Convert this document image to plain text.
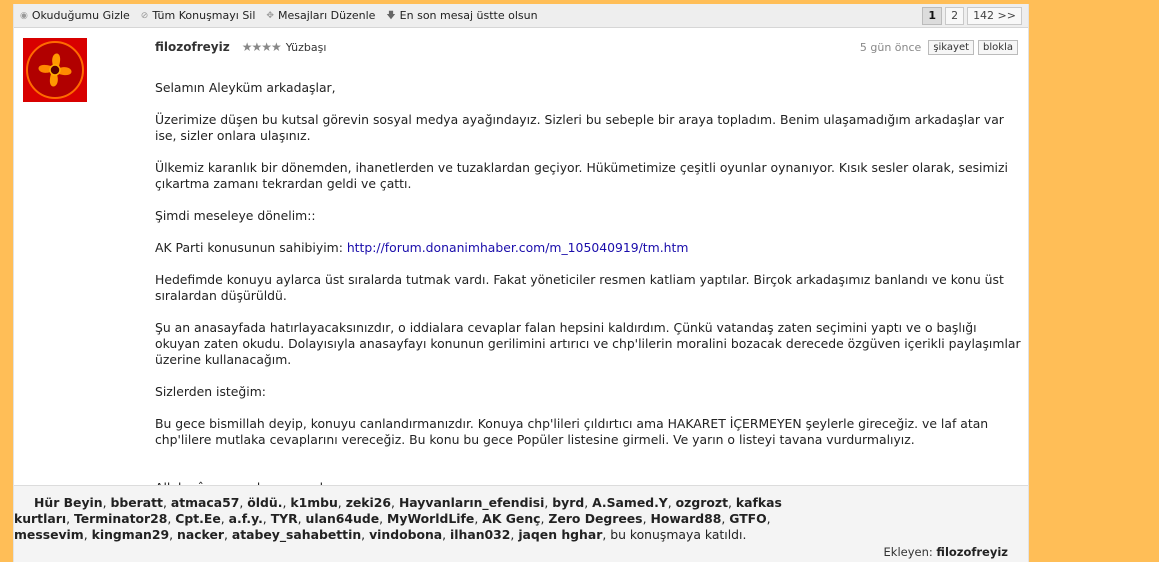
◉ Okuduğumu Gizle ⊘ Tüm Konuşmayı Sil ✥ Mesajları Düzenle 🡇 En son mesaj üstte olsun	1	2	142 >>
filozofreyiz ★★★★ Yüzbaşı	5 gün önce	şikayet	blokla

Selamın Aleyküm arkadaşlar,

Üzerimize düşen bu kutsal görevin sosyal medya ayağındayız. Sizleri bu sebeple bir araya topladım. Benim ulaşamadığım arkadaşlar var ise, sizler onlara ulaşınız.

Ülkemiz karanlık bir dönemden, ihanetlerden ve tuzaklardan geçiyor. Hükümetimize çeşitli oyunlar oynanıyor. Kısık sesler olarak, sesimizi çıkartma zamanı tekrardan geldi ve çattı.

Şimdi meseleye dönelim::

AK Parti konusunun sahibiyim: http://forum.donanimhaber.com/m_105040919/tm.htm

Hedefimde konuyu aylarca üst sıralarda tutmak vardı. Fakat yöneticiler resmen katliam yaptılar. Birçok arkadaşımız banlandı ve konu üst sıralardan düşürüldü.

Şu an anasayfada hatırlayacaksınızdır, o iddialara cevaplar falan hepsini kaldırdım. Çünkü vatandaş zaten seçimini yaptı ve o başlığı okuyan zaten okudu. Dolayısıyla anasayfayı konunun gerilimini artırıcı ve chp'lilerin moralini bozacak derecede özgüven içerikli paylaşımlar üzerine kullanacağım.

Sizlerden isteğim:

Bu gece bismillah deyip, konuyu canlandırmanızdır. Konuya chp'lileri çıldırtıcı ama HAKARET İÇERMEYEN şeylerle gireceğiz. ve laf atan chp'lilere mutlaka cevaplarını vereceğiz. Bu konu bu gece Popüler listesine girmeli. Ve yarın o listeyi tavana vurdurmalıyız.

Hür Beyin, bberatt, atmaca57, öldü., k1mbu, zeki26, Hayvanların_efendisi, byrd, A.Samed.Y, ozgrozt, kafkas kurtları, Terminator28, Cpt.Ee, a.f.y., TYR, ulan64ude, MyWorldLife, AK Genç, Zero Degrees, Howard88, GTFO, messevim, kingman29, nacker, atabey_sahabettin, vindobona, ilhan032, jaqen hghar, bu konuşmaya katıldı.
Ekleyen: filozofreyiz
